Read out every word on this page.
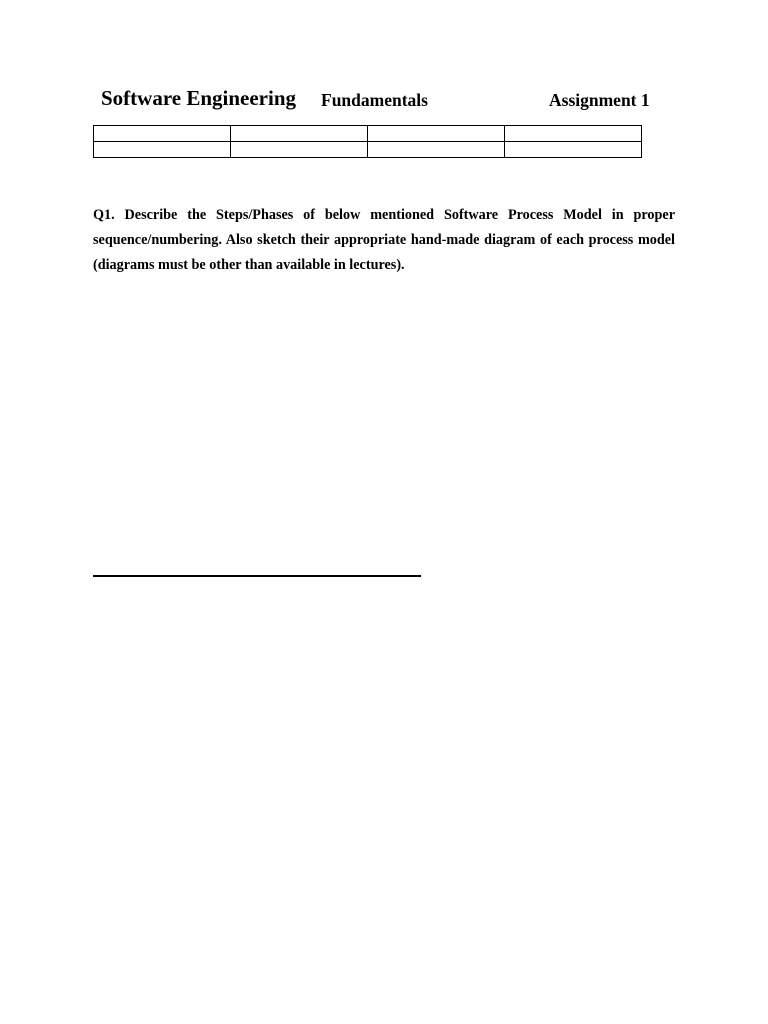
Software Engineering Fundamentals	Assignment 1

Q1. Describe the Steps/Phases of below mentioned Software Process Model in proper sequence/numbering. Also sketch their appropriate hand-made diagram of each process model (diagrams must be other than available in lectures).
